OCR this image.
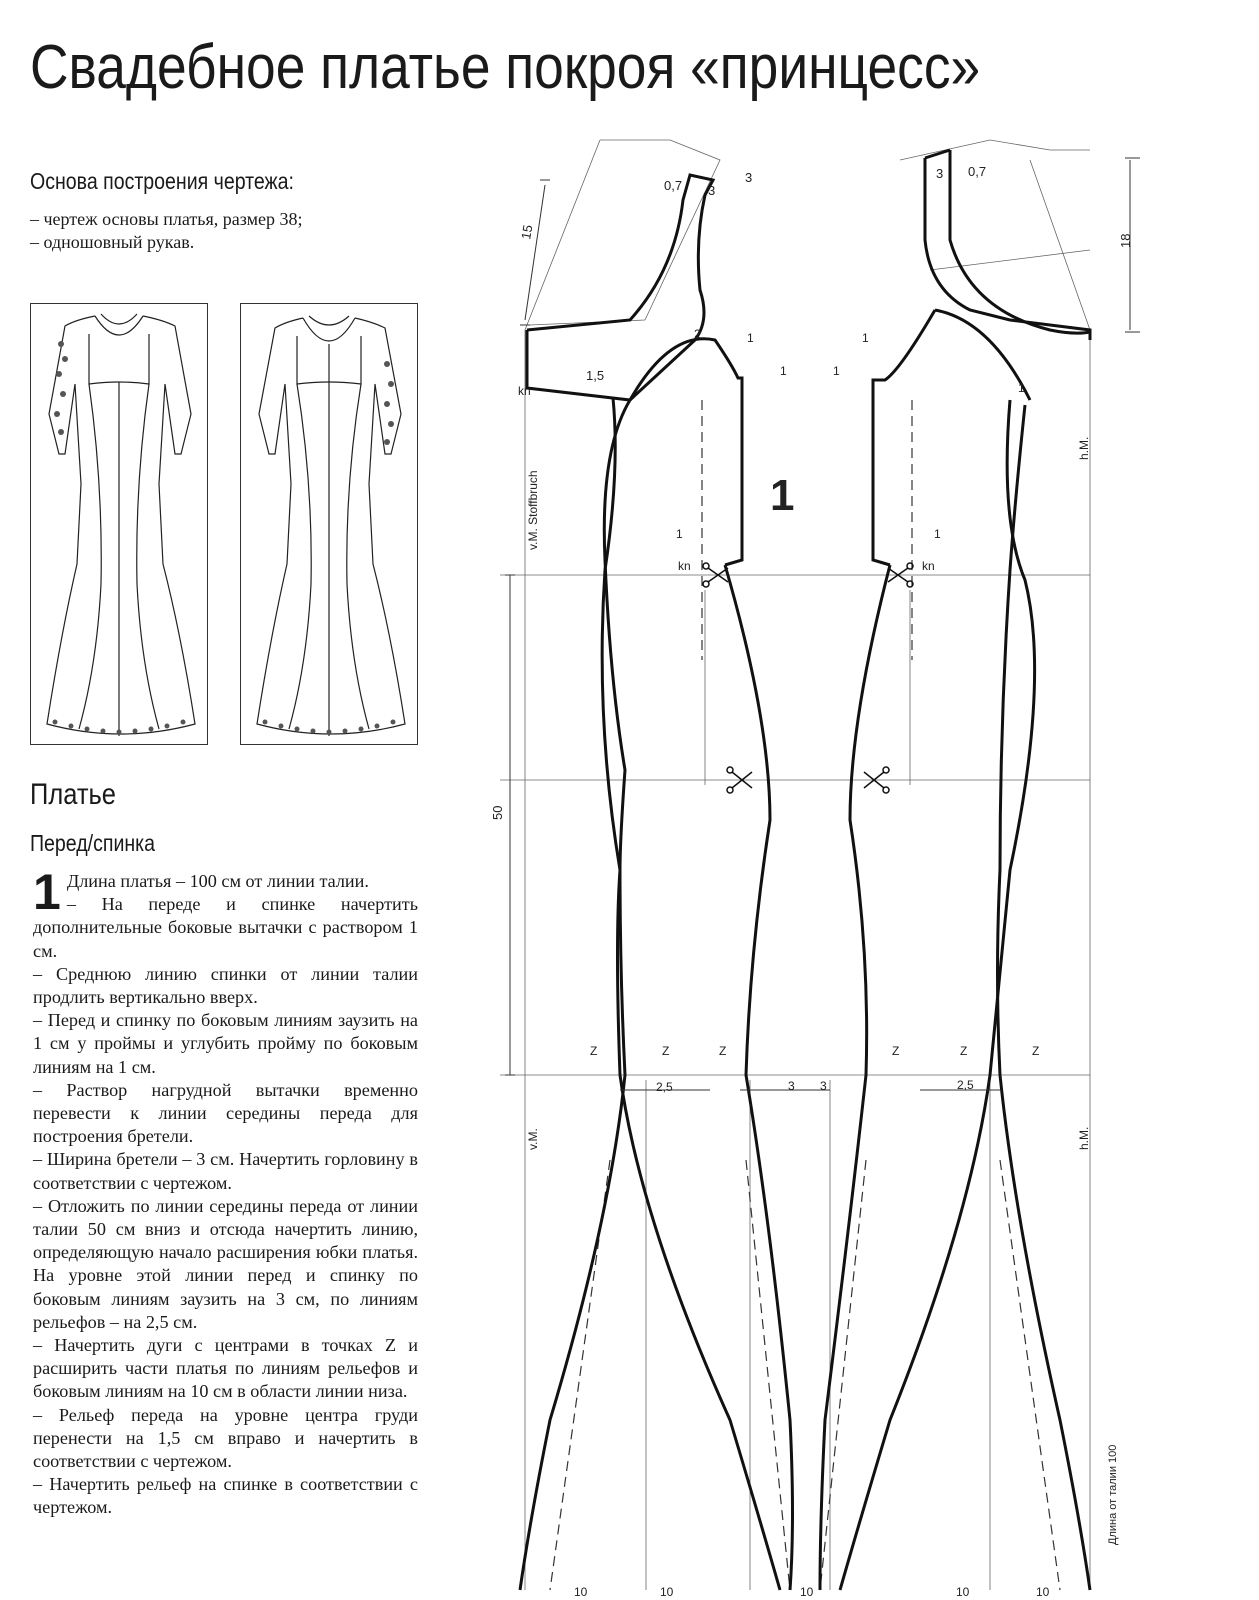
Свадебное платье покроя «принцесс»
Основа построения чертежа:
– чертеж основы платья, размер 38;
– одношовный рукав.
Платье
Перед/спинка
1 Длина платья – 100 см от линии талии.

– На переде и спинке начертить дополнительные боковые вытачки с раствором 1 см.

– Среднюю линию спинки от линии талии продлить вертикально вверх.

– Перед и спинку по боковым линиям заузить на 1 см у проймы и углубить пройму по боковым линиям на 1 см.

– Раствор нагрудной вытачки временно перевести к линии середины переда для построения бретели.

– Ширина бретели – 3 см. Начертить горловину в соответствии с чертежом.

– Отложить по линии середины переда от линии талии 50 см вниз и отсюда начертить линию, определяющую начало расширения юбки платья. На уровне этой линии перед и спинку по боковым линиям заузить на 3 см, по линиям рельефов – на 2,5 см.

– Начертить дуги с центрами в точках Z и расширить части платья по линиям рельефов и боковым линиям на 10 см в области линии низа.

– Рельеф переда на уровне центра груди перенести на 1,5 см вправо и начертить в соответствии с чертежом.

– Начертить рельеф на спинке в соответствии с чертежом.

1
0,7 3
3	3 0,7
15
18
2
1,5
1
1
1
1
1
1	1
kn
kn	kn
v.M. Stoffbruch
h.M.
h.M.
v.M.
50
Z	Z	Z	Z	Z	Z
2,5	2,5
3 3
10	10	10	10	10
Длина от талии 100
